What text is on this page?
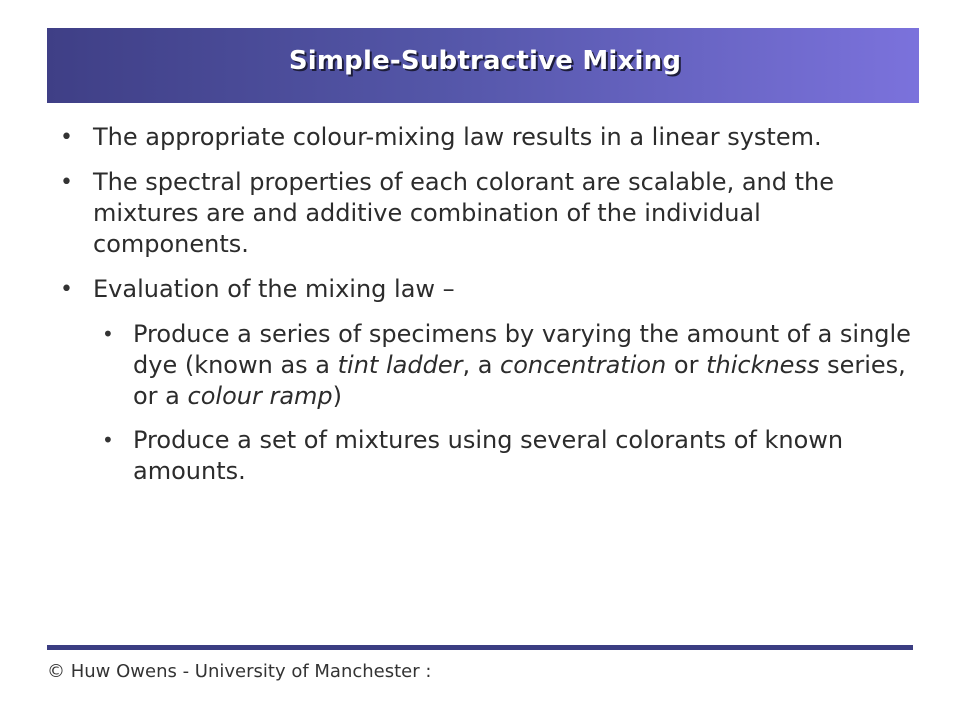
Simple-Subtractive Mixing
• The appropriate colour-mixing law results in a linear system.
• The spectral properties of each colorant are scalable, and the mixtures are and additive combination of the individual components.
• Evaluation of the mixing law –
• Produce a series of specimens by varying the amount of a single dye (known as a tint ladder, a concentration or thickness series, or a colour ramp)
• Produce a set of mixtures using several colorants of known amounts.
© Huw Owens - University of Manchester :
